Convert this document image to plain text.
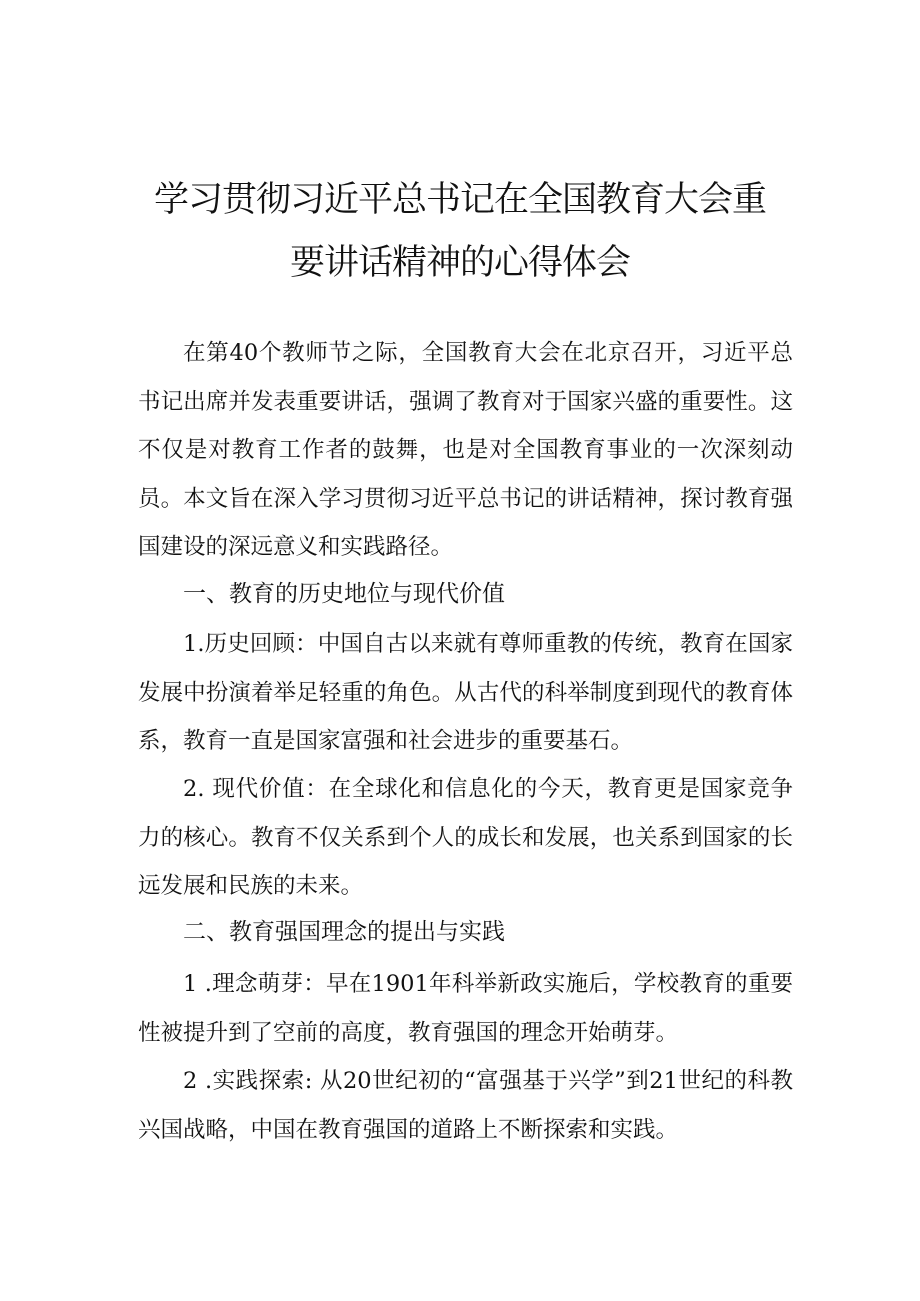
学习贯彻习近平总书记在全国教育大会重
要讲话精神的心得体会

在第40个教师节之际，全国教育大会在北京召开，习近平总书记出席并发表重要讲话，强调了教育对于国家兴盛的重要性。这不仅是对教育工作者的鼓舞，也是对全国教育事业的一次深刻动员。本文旨在深入学习贯彻习近平总书记的讲话精神，探讨教育强国建设的深远意义和实践路径。

一、教育的历史地位与现代价值

1.历史回顾：中国自古以来就有尊师重教的传统，教育在国家发展中扮演着举足轻重的角色。从古代的科举制度到现代的教育体系，教育一直是国家富强和社会进步的重要基石。

2. 现代价值：在全球化和信息化的今天，教育更是国家竞争力的核心。教育不仅关系到个人的成长和发展，也关系到国家的长远发展和民族的未来。

二、教育强国理念的提出与实践

1 .理念萌芽：早在1901年科举新政实施后，学校教育的重要性被提升到了空前的高度，教育强国的理念开始萌芽。

2 .实践探索: 从20世纪初的“富强基于兴学”到21世纪的科教兴国战略，中国在教育强国的道路上不断探索和实践。
